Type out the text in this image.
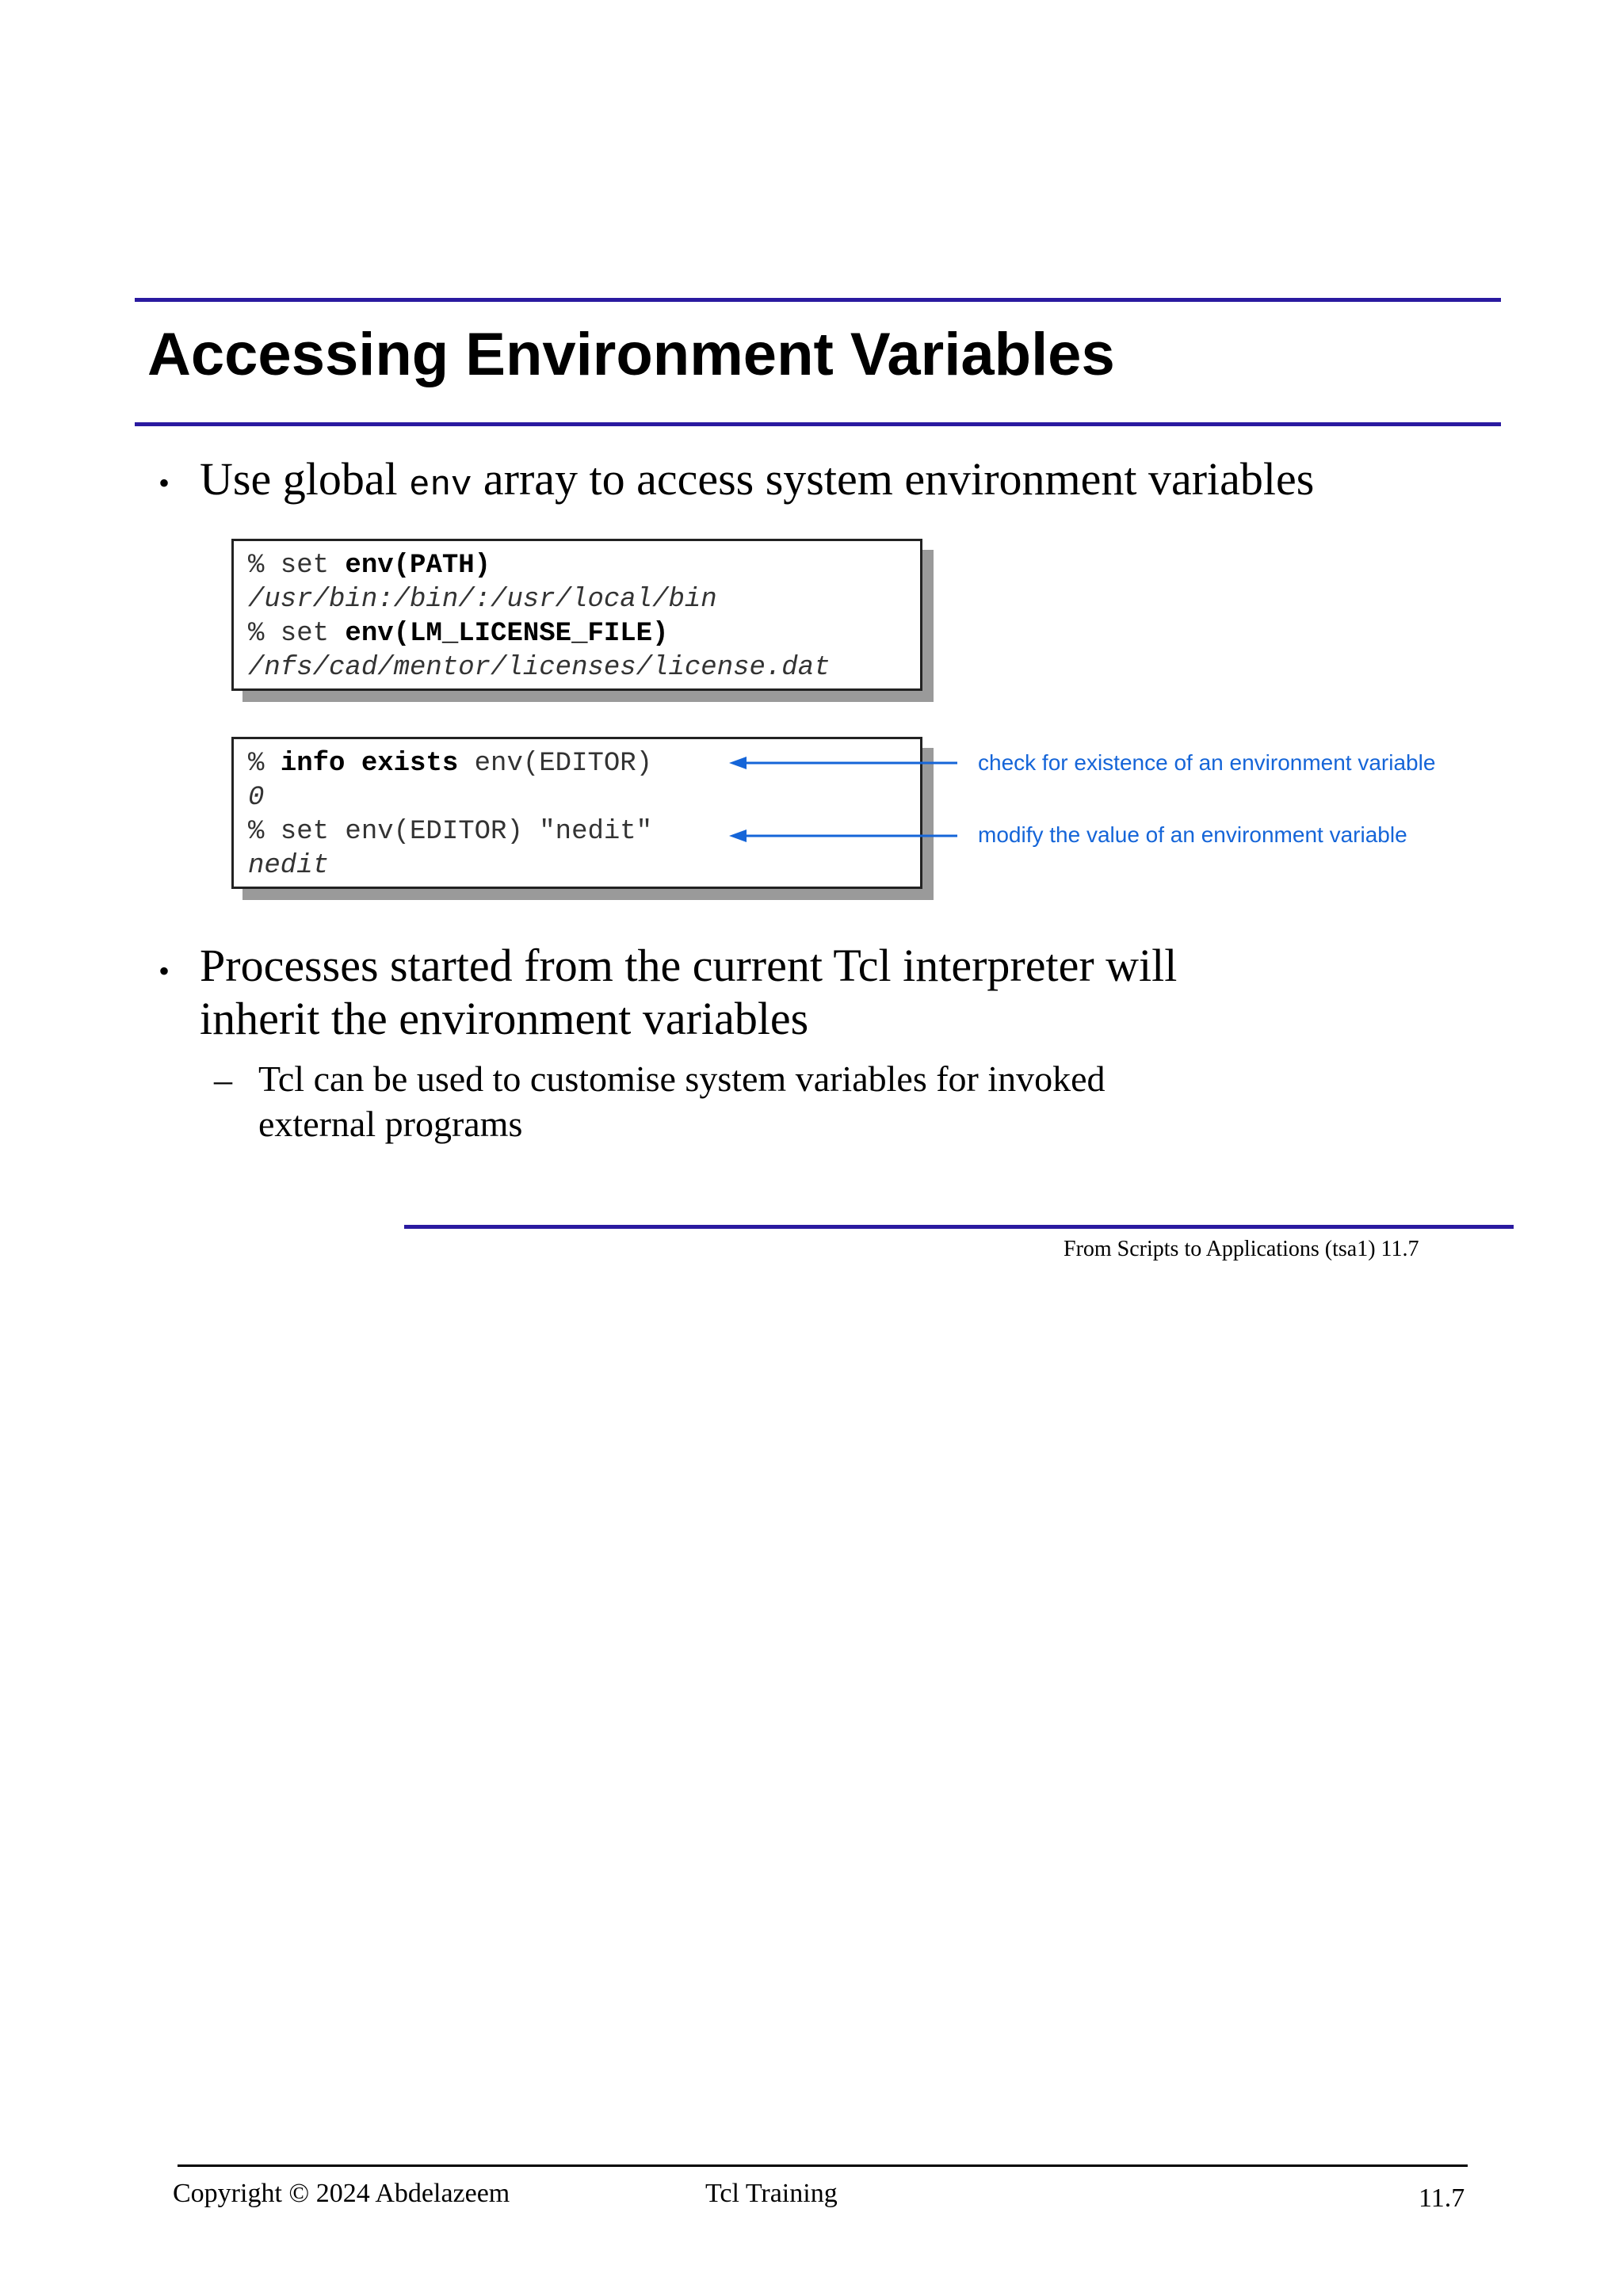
Accessing Environment Variables
• Use global env array to access system environment variables
% set env(PATH)
/usr/bin:/bin/:/usr/local/bin
% set env(LM_LICENSE_FILE)
/nfs/cad/mentor/licenses/license.dat
% info exists env(EDITOR)
0
% set env(EDITOR) "nedit"
nedit
check for existence of an environment variable
modify the value of an environment variable
• Processes started from the current Tcl interpreter will
inherit the environment variables
– Tcl can be used to customise system variables for invoked
external programs
From Scripts to Applications (tsa1) 11.7
Copyright © 2024 Abdelazeem	Tcl Training	11.7
